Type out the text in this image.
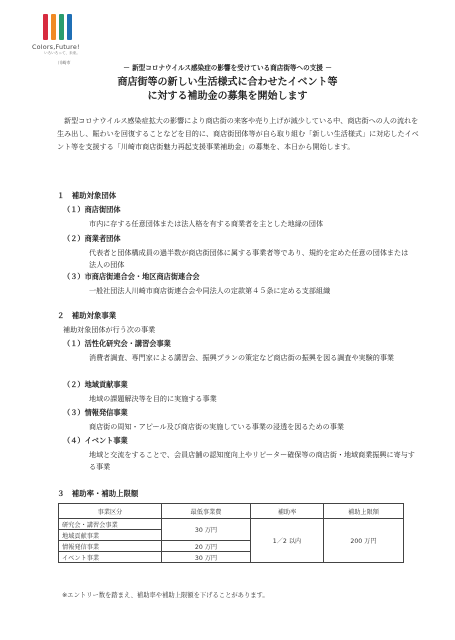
Colors,Future!
いろいろって、未来。
川崎市
－ 新型コロナウイルス感染症の影響を受けている商店街等への支援 －
商店街等の新しい生活様式に合わせたイベント等
に対する補助金の募集を開始します
新型コロナウイルス感染症拡大の影響により商店街の来客や売り上げが減少している中、商店街への人の流れを生み出し、賑わいを回復することなどを目的に、商店街団体等が自ら取り組む「新しい生活様式」に対応したイベント等を支援する「川崎市商店街魅力再起支援事業補助金」の募集を、本日から開始します。
１　補助対象団体
（１）商店街団体
市内に存する任意団体または法人格を有する商業者を主とした地縁の団体
（２）商業者団体
代表者と団体構成員の過半数が商店街団体に属する事業者等であり、規約を定めた任意の団体または法人の団体
（３）市商店街連合会・地区商店街連合会
一般社団法人川崎市商店街連合会や同法人の定款第４５条に定める支部組織
２　補助対象事業
補助対象団体が行う次の事業
（１）活性化研究会・講習会事業
消費者調査、専門家による講習会、振興プランの策定など商店街の振興を図る調査や実験的事業
（２）地域貢献事業
地域の課題解決等を目的に実施する事業
（３）情報発信事業
商店街の周知・アピール及び商店街の実施している事業の浸透を図るための事業
（４）イベント事業
地域と交流をすることで、会員店舗の認知度向上やリピーター確保等の商店街・地域商業振興に寄与する事業
３　補助率・補助上限額
事業区分	最低事業費	補助率	補助上限額
研究会・講習会事業	30 万円	1／2 以内	200 万円
地域貢献事業			
情報発信事業	20 万円		
イベント事業	30 万円		
※エントリー数を踏まえ、補助率や補助上限額を下げることがあります。
